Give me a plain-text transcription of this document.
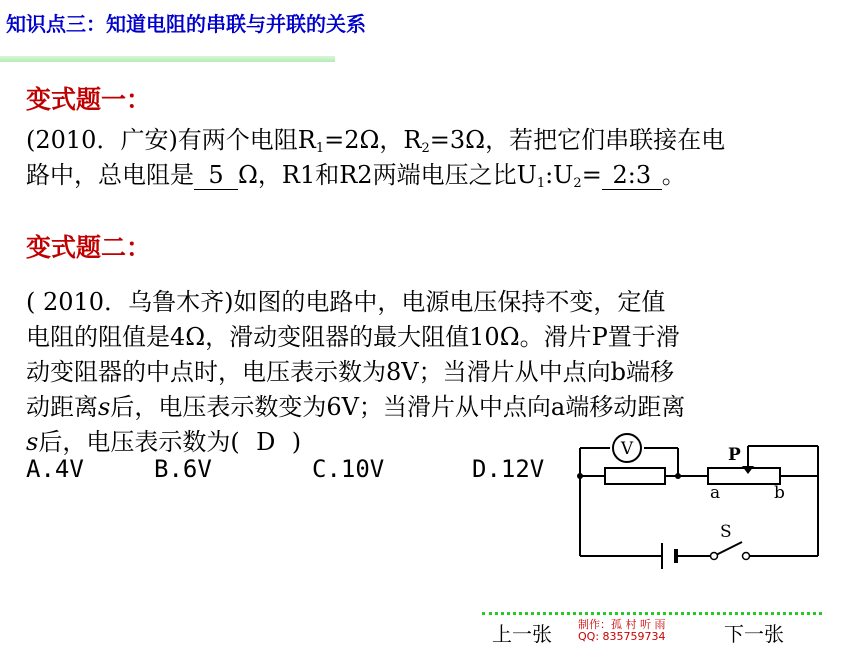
知识点三：知道电阻的串联与并联的关系
变式题一：
(2010．广安)有两个电阻$R_1=2\Omega$，$R_2=3\Omega$，若把它们串联接在电
路中，总电阻是 5 Ω，R1和R2两端电压之比$U_1:U_2=$ 2:3 。
变式题二：
( 2010．乌鲁木齐)如图的电路中，电源电压保持不变，定值
电阻的阻值是4Ω，滑动变阻器的最大阻值10Ω。滑片P置于滑
动变阻器的中点时，电压表示数为8V；当滑片从中点向b端移
动距离s后，电压表示数变为6V；当滑片从中点向a端移动距离
s后，电压表示数为( D )
A.4V	B.6V	C.10V	D.12V
V	P
a	b
S
上一张	下一张
制作：孤 村 听 雨
QQ: 835759734
